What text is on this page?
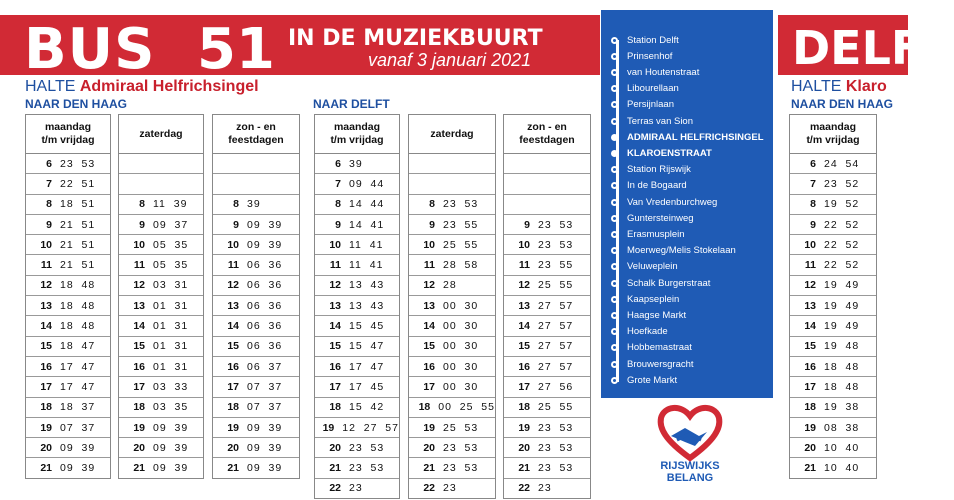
BUS 51 IN DE MUZIEKBUURT
vanaf 3 januari 2021	DELFT
HALTE Admiraal Helfrichsingel	HALTE Klaro
NAAR DEN HAAG	NAAR DELFT	NAAR DEN HAAG
maandag
t/m vrijdag
6 23  53
7 22  51
8 18  51
9 21  51
10 21  51
11 21  51
12 18  48
13 18  48
14 18  48
15 18  47
16 17  47
17 17  47
18 18  37
19 07  37
20 09  39
21 09  39
zaterdag
8 11  39
9 09  37
10 05  35
11 05  35
12 03  31
13 01  31
14 01  31
15 01  31
16 01  31
17 03  33
18 03  35
19 09  39
20 09  39
21 09  39
zon - en
feestdagen
8 39
9 09  39
10 09  39
11 06  36
12 06  36
13 06  36
14 06  36
15 06  36
16 06  37
17 07  37
18 07  37
19 09  39
20 09  39
21 09  39
maandag
t/m vrijdag
6 39
7 09  44
8 14  44
9 14  41
10 11  41
11 11  41
12 13  43
13 13  43
14 15  45
15 15  47
16 17  47
17 17  45
18 15  42
19 12  27  57
20 23  53
21 23  53
22 23
zaterdag
8 23  53
9 23  55
10 25  55
11 28  58
12 28
13 00  30
14 00  30
15 00  30
16 00  30
17 00  30
18 00  25  55
19 25  53
20 23  53
21 23  53
22 23
zon - en
feestdagen
9 23  53
10 23  53
11 23  55
12 25  55
13 27  57
14 27  57
15 27  57
16 27  57
17 27  56
18 25  55
19 23  53
20 23  53
21 23  53
22 23
maandag
t/m vrijdag
6 24  54
7 23  52
8 19  52
9 22  52
10 22  52
11 22  52
12 19  49
13 19  49
14 19  49
15 19  48
16 18  48
17 18  48
18 19  38
19 08  38
20 10  40
21 10  40
Station Delft
Prinsenhof
van Houtenstraat
Libourellaan
Persijnlaan
Terras van Sion
ADMIRAAL HELFRICHSINGEL
KLAROENSTRAAT
Station Rijswijk
In de Bogaard
Van Vredenburchweg
Guntersteinweg
Erasmusplein
Moerweg/Melis Stokelaan
Veluweplein
Schalk Burgerstraat
Kaapseplein
Haagse Markt
Hoefkade
Hobbemastraat
Brouwersgracht
Grote Markt
RIJSWIJKS
BELANG
